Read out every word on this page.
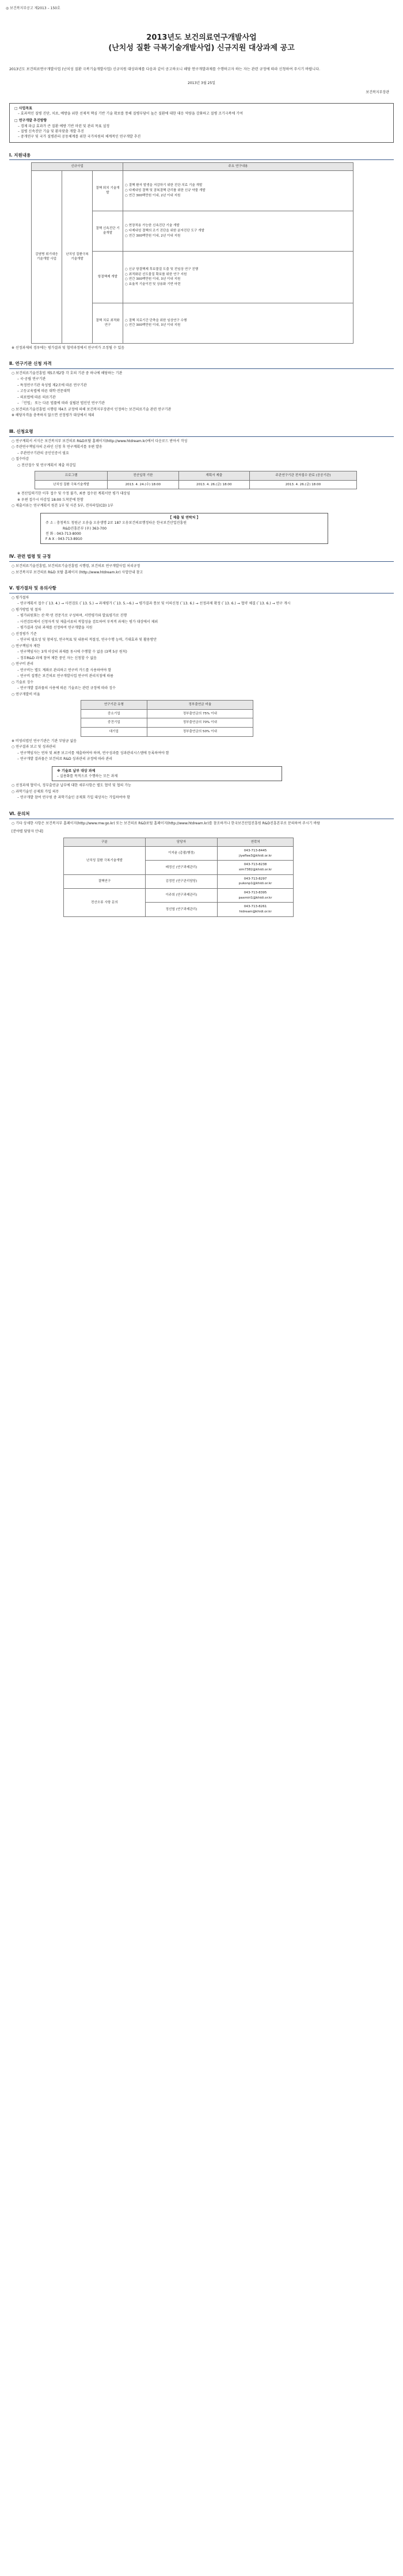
◎ 보건복지부공고 제2013 – 150호
2013년도 보건의료연구개발사업
(난치성 질환 극복기술개발사업) 신규지원 대상과제 공고
2013년도 보건의료연구개발사업 (난치성 질환 극복기술개발사업) 신규지원 대상과제를 다음과 같이 공고하오니 해당 연구개발과제를 수행하고자 하는 자는 관련 규정에 따라 신청하여 주시기 바랍니다.
2013년 3월 25일
보건복지부장관
□ 사업목표
– 효과적인 질병 진단, 치료, 예방을 위한 선제적 핵심 기반 기술 확보를 통해 질병부담이 높은 질환에 대한 대응 역량을 강화하고 질병 조기극복에 기여
□ 연구개발 추진방향
– 경제 파급 효과가 큰 질환 예방 기반 마련 및 관리 목표 설정
– 질병 신속진단 기술 및 환자맞춤 개발 추진
– 중개연구 및 국가 질병관리 공동체계를 위한 국가차원의 체계적인 연구개발 추진
Ⅰ. 지원내용
신규사업			주요 연구내용
감염병 위기대응 기술개발 사업	난치성 질환극복 기술개발	결핵 퇴치 기술개발	○ 결핵 환자 발생을 저감하기 위한 진단·치료 기술 개발
○ 다제내성 결핵 및 잠복결핵 관리를 위한 신규 약물 개발
○ 연간 300백만원 이내, 2년 이내 지원

		결핵 신속진단 기술개발	○ 현장적용 가능한 신속진단 기술 개발
○ 다제내성 결핵의 조기 진단을 위한 분자진단 도구 개발
○ 연간 300백만원 이내, 2년 이내 지원

		항결핵제 개발	○ 신규 항결핵제 후보물질 도출 및 전임상 연구 진행
○ 최적화된 선도물질 확보를 위한 연구 지원
○ 연간 300백만원 이내, 3년 이내 지원
○ 효율적 기술이전 및 상용화 기반 마련

		결핵 치료 최적화 연구	○ 결핵 치료기간 단축을 위한 임상연구 수행
○ 연간 300백만원 이내, 3년 이내 지원
※ 선정과제의 경우에는 평가결과 및 협약과정에서 연구비가 조정될 수 있음
Ⅱ. 연구기관 신청 자격
○ 보건의료기술진흥법 제5조제2항 각 호의 기관 중 하나에 해당하는 기관
– 국·공립 연구기관
– 특정연구기관 육성법 제2조에 따른 연구기관
– 고등교육법에 따른 대학·전문대학
– 의료법에 따른 의료기관
– 「민법」 또는 다른 법률에 따라 설립된 법인인 연구기관
○ 보건의료기술진흥법 시행령 제4조 규정에 의해 보건복지부장관이 인정하는 보건의료기술 관련 연구기관
※ 해당자격을 충족하지 않으면 선정평가 대상에서 제외
Ⅲ. 신청요령
○ 연구계획서 서식은 보건복지부 보건의료 R&D포탈 홈페이지(http://www.htdream.kr)에서 다운로드 받아서 작성
○ 주관연구책임자의 온라인 신청 후 연구계획서를 우편 발송
– 주관연구기관의 공인인증서 필요
○ 접수마감
○ 전산접수 및 연구계획서 제출 마감일
프로그램	전산입력 기한	계획서 제출	주관연구기관 전자접수 완료 (공공기관)
난치성 질환 극복기술개발	2013. 4. 24.(수) 18:00	2013. 4. 26.(금) 18:00	2013. 4. 26.(금) 18:00
※ 전산입력기한 이후 접수 및 수정 불가, 최종 접수된 계획서만 평가 대상임
※ 우편 접수시 마감일 18:00 도착분에 한함
○ 제출서류는 연구계획서 원본 1부 및 사본 5부, 전자파일(CD) 1부
【 제출 및 연락처 】
주 소 : 충청북도 청원군 오송읍 오송생명 2로 187 오송보건의료행정타운 한국보건산업진흥원
R&D진흥본부 (우) 363-700
전 화 : 043-713-8000
F A X : 043-713-8910
Ⅳ. 관련 법령 및 규정
○ 보건의료기술진흥법, 보건의료기술진흥법 시행령, 보건의료 연구개발사업 처리규정
○ 보건복지부 보건의료 R&D 포탈 홈페이지 (http://www.htdream.kr) 사업안내 참고
Ⅴ. 평가절차 및 유의사항
○ 평가절차
– 연구계획서 접수 (`13. 4.) → 사전검토 (`13. 5.) → 과제평가 (`13. 5.~6.) → 평가결과 통보 및 이의신청 (`13. 6.) → 선정과제 확정 (`13. 6.) → 협약 체결 (`13. 6.) → 연구 개시
○ 평가방법 및 절차
– 평가위원회는 산·학·연 전문가로 구성하며, 서면평가와 발표평가로 진행
– 사전검토에서 신청자격 및 제출서류의 적합성을 검토하여 부적격 과제는 평가 대상에서 제외
– 평가결과 상위 과제를 선정하여 연구개발을 지원
○ 선정평가 기준
– 연구의 필요성 및 창의성, 연구목표 및 내용의 적절성, 연구수행 능력, 기대효과 및 활용방안
○ 연구책임자 제한
– 연구책임자는 3개 이상의 과제를 동시에 수행할 수 없음 (3책 5공 원칙)
– 정부R&D 과제 참여 제한 중인 자는 신청할 수 없음
○ 연구비 관리
– 연구비는 별도 계좌로 관리하고 연구비 카드를 사용하여야 함
– 연구비 집행은 보건의료 연구개발사업 연구비 관리지침에 따름
○ 기술료 징수
– 연구개발 결과물의 사용에 따른 기술료는 관련 규정에 따라 징수
○ 연구개발비 비율
연구기관 유형	정부출연금 비율
중소기업	정부출연금의 75% 이내
중견기업	정부출연금의 70% 이내
대기업	정부출연금의 50% 이내
※ 비영리법인 연구기관은 기관 부담금 없음
○ 연구결과 보고 및 성과관리
– 연구책임자는 연차 및 최종 보고서를 제출하여야 하며, 연구성과를 성과관리시스템에 등록하여야 함
– 연구개발 결과물은 보건의료 R&D 성과관리 규정에 따라 관리
※ 기술료 납부 대상 과제
– 실용화를 목적으로 수행하는 모든 과제
○ 선정과제 협약시, 정부출연금 납부에 대한 세부사항은 별도 협약 및 협의 가능
○ 과학기술인 공제회 가입 의무
– 연구개발 참여 연구원 중 과학기술인 공제회 가입 대상자는 가입하여야 함
Ⅵ. 문의처
○ 기타 상세한 사항은 보건복지부 홈페이지(http://www.mw.go.kr) 또는 보건의료 R&D포털 홈페이지(http://www.htdream.kr)를 참조하거나 한국보건산업진흥원 R&D진흥본부로 문의하여 주시기 바람
[분야별 담당자 안내]
구분	담당자	연락처
난치성 질환 극복기술개발	이지윤 (총괄/행정)	043-713-8445
jiyeflee3@khidi.or.kr

	배정신 (연구과제관리)	043-713-8238
sim7382@khidi.or.kr

결핵연구	김정민 (연구관리담당)	043-713-8297
pukonp1@khidi.or.kr

전산오류 사항 문의	이주희 (연구과제관리)	043-713-8395
paxmiri1@khidi.or.kr

	정선엽 (연구과제관리)	043-713-8261
hidream@khidi.or.kr
